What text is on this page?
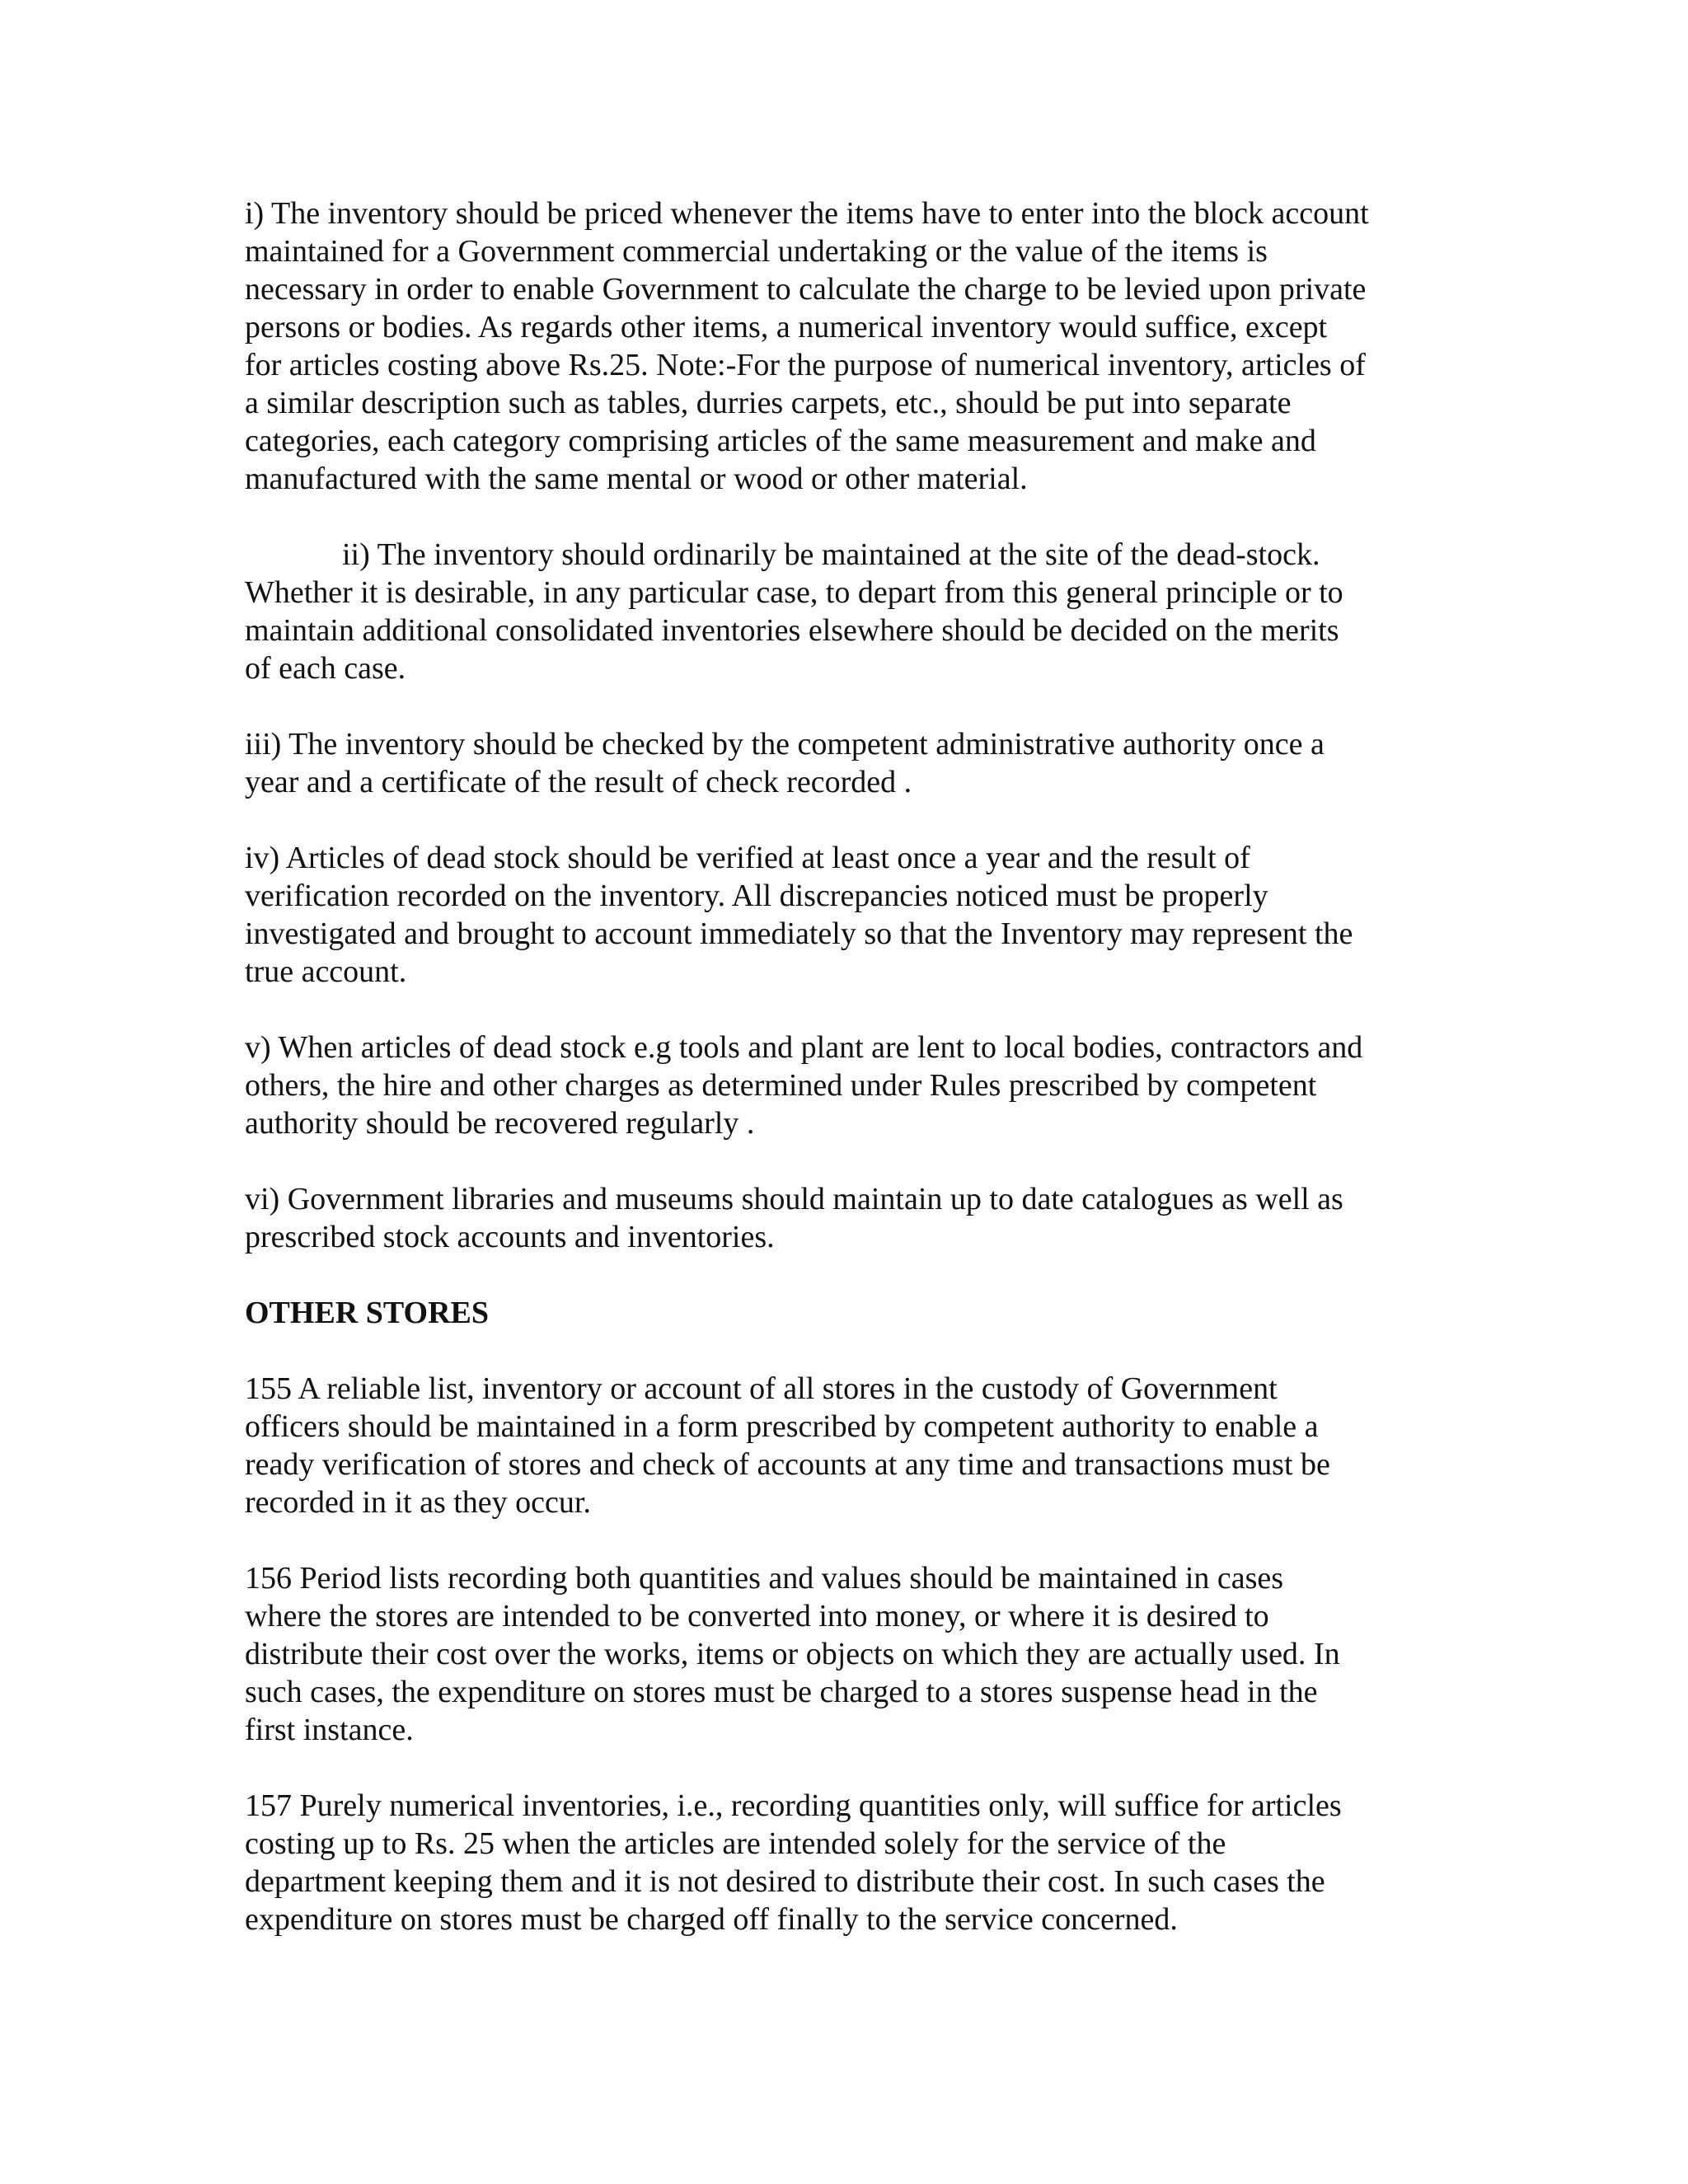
i) The inventory should be priced whenever the items have to enter into the block account
maintained for a Government commercial undertaking or the value of the items is
necessary in order to enable Government to calculate the charge to be levied upon private
persons or bodies. As regards other items, a numerical inventory would suffice, except
for articles costing above Rs.25. Note:-For the purpose of numerical inventory, articles of
a similar description such as tables, durries carpets, etc., should be put into separate
categories, each category comprising articles of the same measurement and make and
manufactured with the same mental or wood or other material.

ii) The inventory should ordinarily be maintained at the site of the dead-stock.
Whether it is desirable, in any particular case, to depart from this general principle or to
maintain additional consolidated inventories elsewhere should be decided on the merits
of each case.

iii) The inventory should be checked by the competent administrative authority once a
year and a certificate of the result of check recorded .

iv) Articles of dead stock should be verified at least once a year and the result of
verification recorded on the inventory. All discrepancies noticed must be properly
investigated and brought to account immediately so that the Inventory may represent the
true account.

v) When articles of dead stock e.g tools and plant are lent to local bodies, contractors and
others, the hire and other charges as determined under Rules prescribed by competent
authority should be recovered regularly .

vi) Government libraries and museums should maintain up to date catalogues as well as
prescribed stock accounts and inventories.

OTHER STORES

155 A reliable list, inventory or account of all stores in the custody of Government
officers should be maintained in a form prescribed by competent authority to enable a
ready verification of stores and check of accounts at any time and transactions must be
recorded in it as they occur.

156 Period lists recording both quantities and values should be maintained in cases
where the stores are intended to be converted into money, or where it is desired to
distribute their cost over the works, items or objects on which they are actually used. In
such cases, the expenditure on stores must be charged to a stores suspense head in the
first instance.

157 Purely numerical inventories, i.e., recording quantities only, will suffice for articles
costing up to Rs. 25 when the articles are intended solely for the service of the
department keeping them and it is not desired to distribute their cost. In such cases the
expenditure on stores must be charged off finally to the service concerned.
